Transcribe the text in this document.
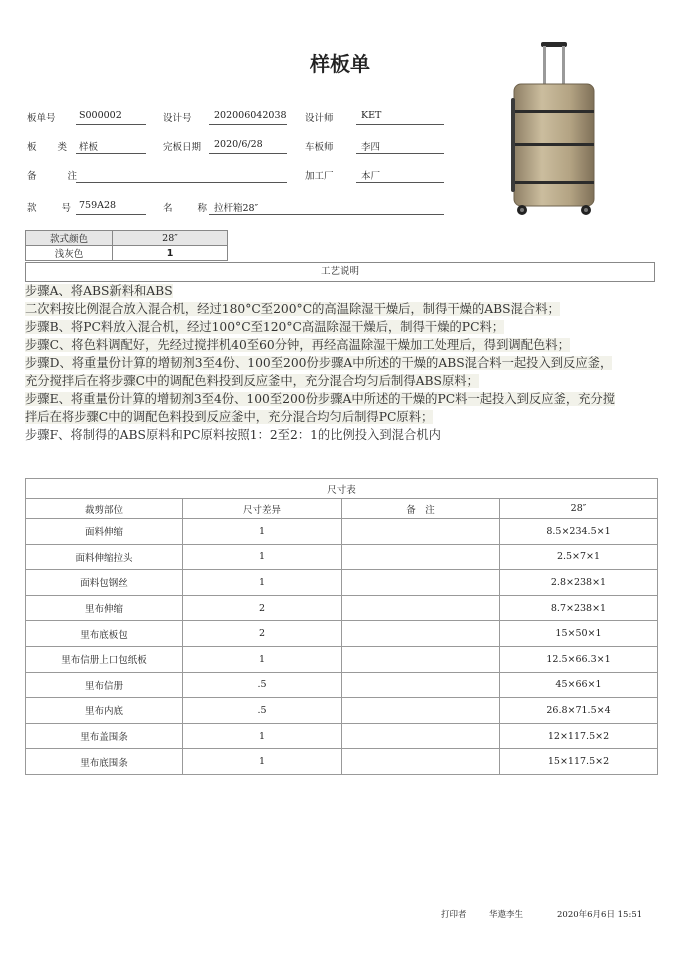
样板单
板单号 S000002	设计号 202006042038 设计师	KET
板 类 样板	完板日期 2020/6/28	车板师	李四
备 注	加工厂	本厂
款 号 759A28	名 称 拉杆箱28″
款式颜色	28″
浅灰色	1
工艺说明
步骤A、将ABS新料和ABS
二次料按比例混合放入混合机，经过180°C至200°C的高温除湿干燥后，制得干燥的ABS混合料；
步骤B、将PC料放入混合机，经过100°C至120°C高温除湿干燥后，制得干燥的PC料；
步骤C、将色料调配好，先经过搅拌机40至60分钟，再经高温除湿干燥加工处理后，得到调配色料；
步骤D、将重量份计算的增韧剂3至4份、100至200份步骤A中所述的干燥的ABS混合料一起投入到反应釜，
充分搅拌后在将步骤C中的调配色料投到反应釜中，充分混合均匀后制得ABS原料；
步骤E、将重量份计算的增韧剂3至4份、100至200份步骤A中所述的干燥的PC料一起投入到反应釜，充分搅
拌后在将步骤C中的调配色料投到反应釜中，充分混合均匀后制得PC原料；
步骤F、将制得的ABS原料和PC原料按照1：2至2：1的比例投入到混合机内
尺寸表			
裁剪部位	尺寸差异	备　注	28″
面料伸缩	1		8.5×234.5×1
面料伸缩拉头	1		2.5×7×1
面料包钢丝	1		2.8×238×1
里布伸缩	2		8.7×238×1
里布底板包	2		15×50×1
里布信册上口包纸板	1		12.5×66.3×1
里布信册	.5		45×66×1
里布内底	.5		26.8×71.5×4
里布盖围条	1		12×117.5×2
里布底围条	1		15×117.5×2
打印者	华遨李生	2020年6月6日 15:51
